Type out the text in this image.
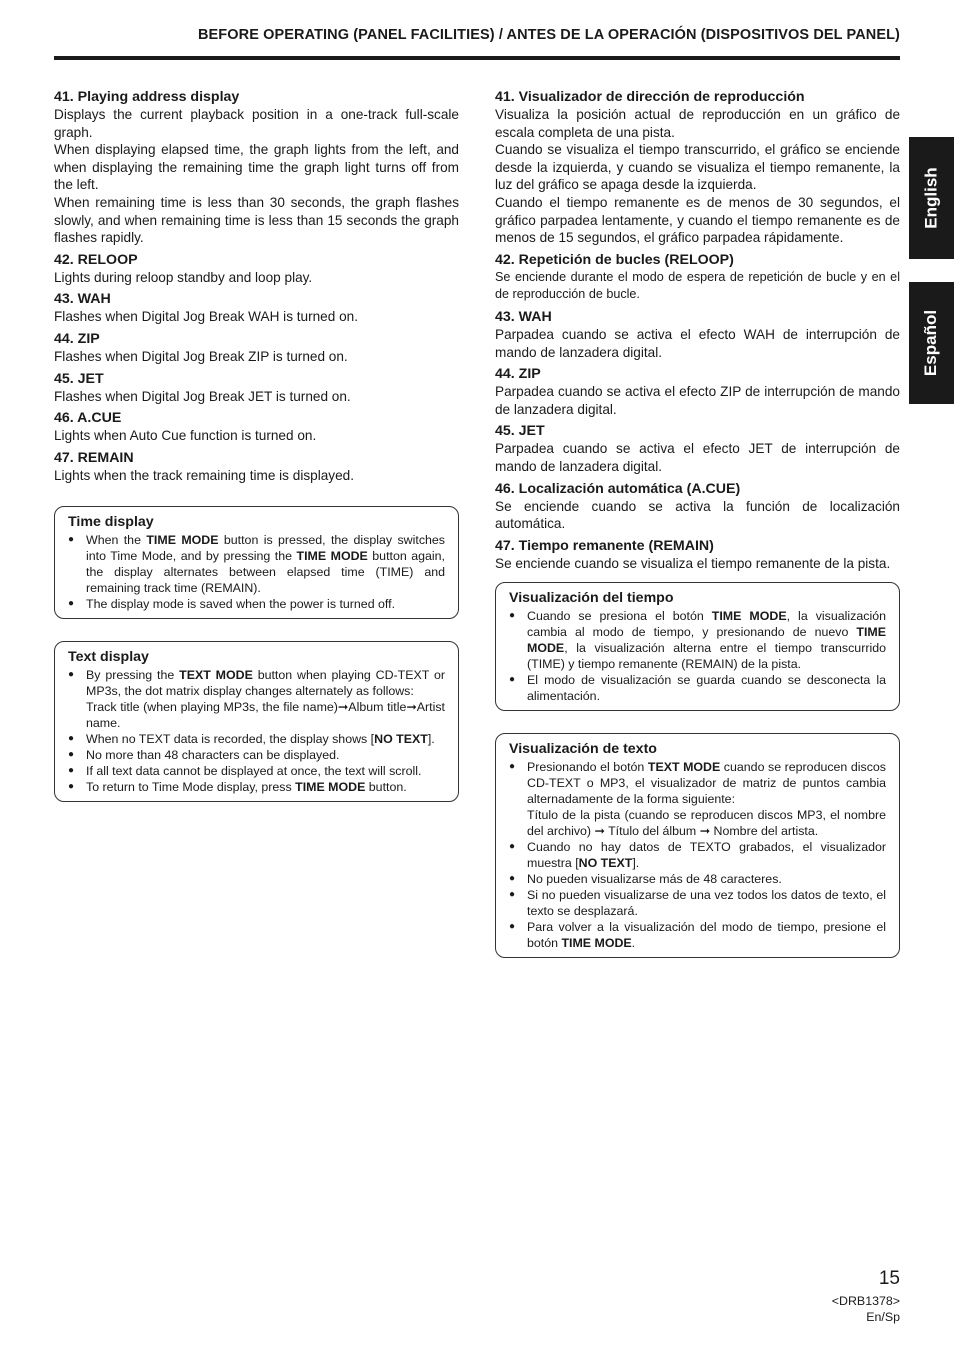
BEFORE OPERATING (PANEL FACILITIES) / ANTES DE LA OPERACIÓN (DISPOSITIVOS DEL PANEL)
English
Español
41. Playing address display

Displays the current playback position in a one-track full-scale graph.

When displaying elapsed time, the graph lights from the left, and when displaying the remaining time the graph light turns off from the left.

When remaining time is less than 30 seconds, the graph flashes slowly, and when remaining time is less than 15 seconds the graph flashes rapidly.

42. RELOOP

Lights during reloop standby and loop play.

43. WAH

Flashes when Digital Jog Break WAH is turned on.

44. ZIP

Flashes when Digital Jog Break ZIP is turned on.

45. JET

Flashes when Digital Jog Break JET is turned on.

46. A.CUE

Lights when Auto Cue function is turned on.

47. REMAIN

Lights when the track remaining time is displayed.

Time display
● When the TIME MODE button is pressed, the display switches into Time Mode, and by pressing the TIME MODE button again, the display alternates between elapsed time (TIME) and remaining track time (REMAIN).
● The display mode is saved when the power is turned off.
Text display
● By pressing the TEXT MODE button when playing CD-TEXT or MP3s, the dot matrix display changes alternately as follows:
Track title (when playing MP3s, the file name)➞Album title➞Artist name.
● When no TEXT data is recorded, the display shows [NO TEXT].
● No more than 48 characters can be displayed.
● If all text data cannot be displayed at once, the text will scroll.
● To return to Time Mode display, press TIME MODE button.
41. Visualizador de dirección de reproducción

Visualiza la posición actual de reproducción en un gráfico de escala completa de una pista.

Cuando se visualiza el tiempo transcurrido, el gráfico se enciende desde la izquierda, y cuando se visualiza el tiempo remanente, la luz del gráfico se apaga desde la izquierda.

Cuando el tiempo remanente es de menos de 30 segundos, el gráfico parpadea lentamente, y cuando el tiempo remanente es de menos de 15 segundos, el gráfico parpadea rápidamente.

42. Repetición de bucles (RELOOP)

Se enciende durante el modo de espera de repetición de bucle y en el de reproducción de bucle.

43. WAH

Parpadea cuando se activa el efecto WAH de interrupción de mando de lanzadera digital.

44. ZIP

Parpadea cuando se activa el efecto ZIP de interrupción de mando de lanzadera digital.

45. JET

Parpadea cuando se activa el efecto JET de interrupción de mando de lanzadera digital.

46. Localización automática (A.CUE)

Se enciende cuando se activa la función de localización automática.

47. Tiempo remanente (REMAIN)

Se enciende cuando se visualiza el tiempo remanente de la pista.

Visualización del tiempo
● Cuando se presiona el botón TIME MODE, la visualización cambia al modo de tiempo, y presionando de nuevo TIME MODE, la visualización alterna entre el tiempo transcurrido (TIME) y tiempo remanente (REMAIN) de la pista.
● El modo de visualización se guarda cuando se desconecta la alimentación.
Visualización de texto
● Presionando el botón TEXT MODE cuando se reproducen discos CD-TEXT o MP3, el visualizador de matriz de puntos cambia alternadamente de la forma siguiente:
Título de la pista (cuando se reproducen discos MP3, el nombre del archivo) ➞ Título del álbum ➞ Nombre del artista.
● Cuando no hay datos de TEXTO grabados, el visualizador muestra [NO TEXT].
● No pueden visualizarse más de 48 caracteres.
● Si no pueden visualizarse de una vez todos los datos de texto, el texto se desplazará.
● Para volver a la visualización del modo de tiempo, presione el botón TIME MODE.
15
<DRB1378>
En/Sp
